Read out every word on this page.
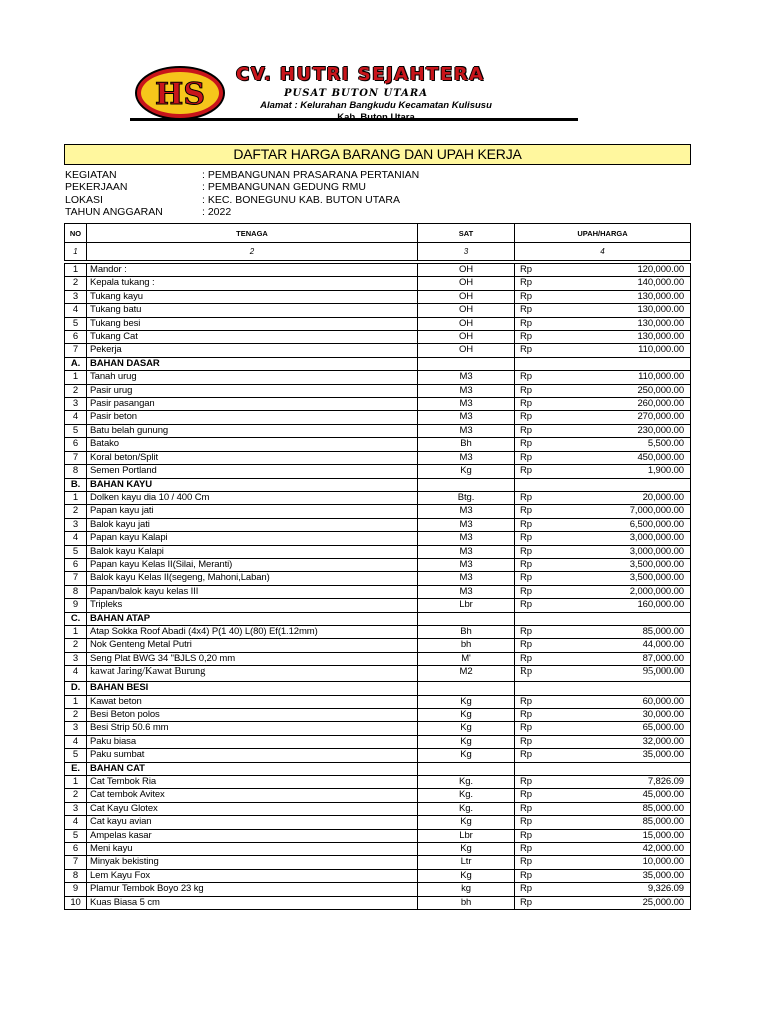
HS
CV. HUTRI SEJAHTERA
PUSAT BUTON UTARA
Alamat : Kelurahan Bangkudu Kecamatan Kulisusu
DAFTAR HARGA BARANG DAN UPAH KERJA
KEGIATAN	: PEMBANGUNAN PRASARANA PERTANIAN
PEKERJAAN	: PEMBANGUNAN GEDUNG RMU
LOKASI	: KEC. BONEGUNU KAB. BUTON UTARA
TAHUN ANGGARAN	: 2022
NO	TENAGA	SAT	UPAH/HARGA
1	2	3	4
1	Mandor :	OH	Rp	120,000.00
2	Kepala tukang :	OH	Rp	140,000.00
3	Tukang kayu	OH	Rp	130,000.00
4	Tukang batu	OH	Rp	130,000.00
5	Tukang besi	OH	Rp	130,000.00
6	Tukang Cat	OH	Rp	130,000.00
7	Pekerja	OH	Rp	110,000.00
A.	BAHAN DASAR
1	Tanah urug	M3	Rp	110,000.00
2	Pasir urug	M3	Rp	250,000.00
3	Pasir pasangan	M3	Rp	260,000.00
4	Pasir beton	M3	Rp	270,000.00
5	Batu belah gunung	M3	Rp	230,000.00
6	Batako	Bh	Rp	5,500.00
7	Koral beton/Split	M3	Rp	450,000.00
8	Semen Portland	Kg	Rp	1,900.00
B.	BAHAN KAYU
1	Dolken kayu dia 10 / 400 Cm	Btg.	Rp	20,000.00
2	Papan kayu jati	M3	Rp	7,000,000.00
3	Balok kayu jati	M3	Rp	6,500,000.00
4	Papan kayu Kalapi	M3	Rp	3,000,000.00
5	Balok kayu Kalapi	M3	Rp	3,000,000.00
6	Papan kayu Kelas II(Silai, Meranti)	M3	Rp	3,500,000.00
7	Balok kayu Kelas II(segeng, Mahoni,Laban)	M3	Rp	3,500,000.00
8	Papan/balok kayu kelas III	M3	Rp	2,000,000.00
9	Tripleks	Lbr	Rp	160,000.00
C.	BAHAN ATAP
1	Atap Sokka Roof Abadi (4x4) P(1 40) L(80) Ef(1.12mm)	Bh	Rp	85,000.00
2	Nok Genteng Metal Putri	bh	Rp	44,000.00
3	Seng Plat BWG 34 "BJLS 0,20 mm	M'	Rp	87,000.00
4	kawat Jaring/Kawat Burung	M2	Rp	95,000.00
D.	BAHAN BESI
1	Kawat beton	Kg	Rp	60,000.00
2	Besi Beton polos	Kg	Rp	30,000.00
3	Besi Strip 50.6 mm	Kg	Rp	65,000.00
4	Paku biasa	Kg	Rp	32,000.00
5	Paku sumbat	Kg	Rp	35,000.00
E.	BAHAN CAT
1	Cat Tembok Ria	Kg.	Rp	7,826.09
2	Cat tembok Avitex	Kg.	Rp	45,000.00
3	Cat Kayu Glotex	Kg.	Rp	85,000.00
4	Cat kayu avian	Kg	Rp	85,000.00
5	Ampelas kasar	Lbr	Rp	15,000.00
6	Meni kayu	Kg	Rp	42,000.00
7	Minyak bekisting	Ltr	Rp	10,000.00
8	Lem Kayu Fox	Kg	Rp	35,000.00
9	Plamur Tembok Boyo 23 kg	kg	Rp	9,326.09
10 Kuas Biasa 5 cm	bh	Rp	25,000.00
